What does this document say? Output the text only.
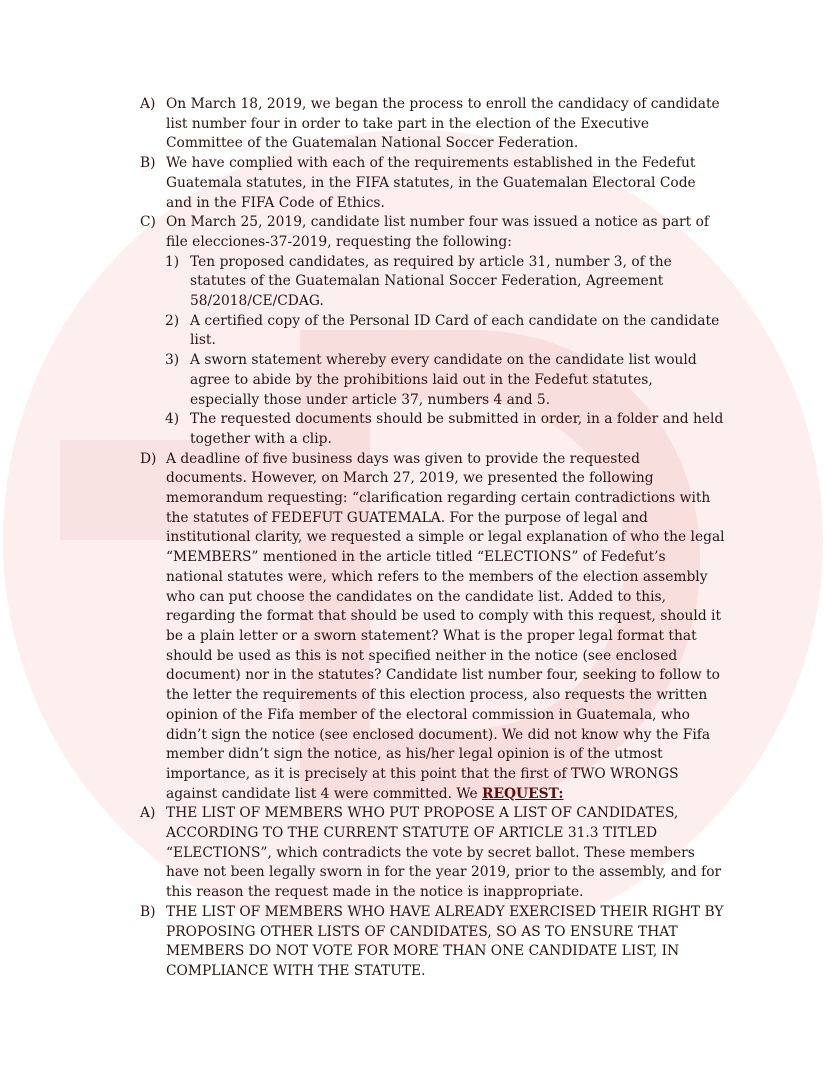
A) On March 18, 2019, we began the process to enroll the candidacy of candidate list number four in order to take part in the election of the Executive Committee of the Guatemalan National Soccer Federation.
B) We have complied with each of the requirements established in the Fedefut Guatemala statutes, in the FIFA statutes, in the Guatemalan Electoral Code and in the FIFA Code of Ethics.
C) On March 25, 2019, candidate list number four was issued a notice as part of file elecciones-37-2019, requesting the following:
1) Ten proposed candidates, as required by article 31, number 3, of the statutes of the Guatemalan National Soccer Federation, Agreement 58/2018/CE/CDAG.
2) A certified copy of the Personal ID Card of each candidate on the candidate list.
3) A sworn statement whereby every candidate on the candidate list would agree to abide by the prohibitions laid out in the Fedefut statutes, especially those under article 37, numbers 4 and 5.
4) The requested documents should be submitted in order, in a folder and held together with a clip.
D) A deadline of five business days was given to provide the requested documents. However, on March 27, 2019, we presented the following memorandum requesting: “clarification regarding certain contradictions with the statutes of FEDEFUT GUATEMALA. For the purpose of legal and institutional clarity, we requested a simple or legal explanation of who the legal “MEMBERS” mentioned in the article titled “ELECTIONS” of Fedefut’s national statutes were, which refers to the members of the election assembly who can put choose the candidates on the candidate list. Added to this, regarding the format that should be used to comply with this request, should it be a plain letter or a sworn statement? What is the proper legal format that should be used as this is not specified neither in the notice (see enclosed document) nor in the statutes? Candidate list number four, seeking to follow to the letter the requirements of this election process, also requests the written opinion of the Fifa member of the electoral commission in Guatemala, who didn’t sign the notice (see enclosed document). We did not know why the Fifa member didn’t sign the notice, as his/her legal opinion is of the utmost importance, as it is precisely at this point that the first of TWO WRONGS against candidate list 4 were committed. We REQUEST:
A) THE LIST OF MEMBERS WHO PUT PROPOSE A LIST OF CANDIDATES, ACCORDING TO THE CURRENT STATUTE OF ARTICLE 31.3 TITLED “ELECTIONS”, which contradicts the vote by secret ballot. These members have not been legally sworn in for the year 2019, prior to the assembly, and for this reason the request made in the notice is inappropriate.
B) THE LIST OF MEMBERS WHO HAVE ALREADY EXERCISED THEIR RIGHT BY PROPOSING OTHER LISTS OF CANDIDATES, SO AS TO ENSURE THAT MEMBERS DO NOT VOTE FOR MORE THAN ONE CANDIDATE LIST, IN COMPLIANCE WITH THE STATUTE.
